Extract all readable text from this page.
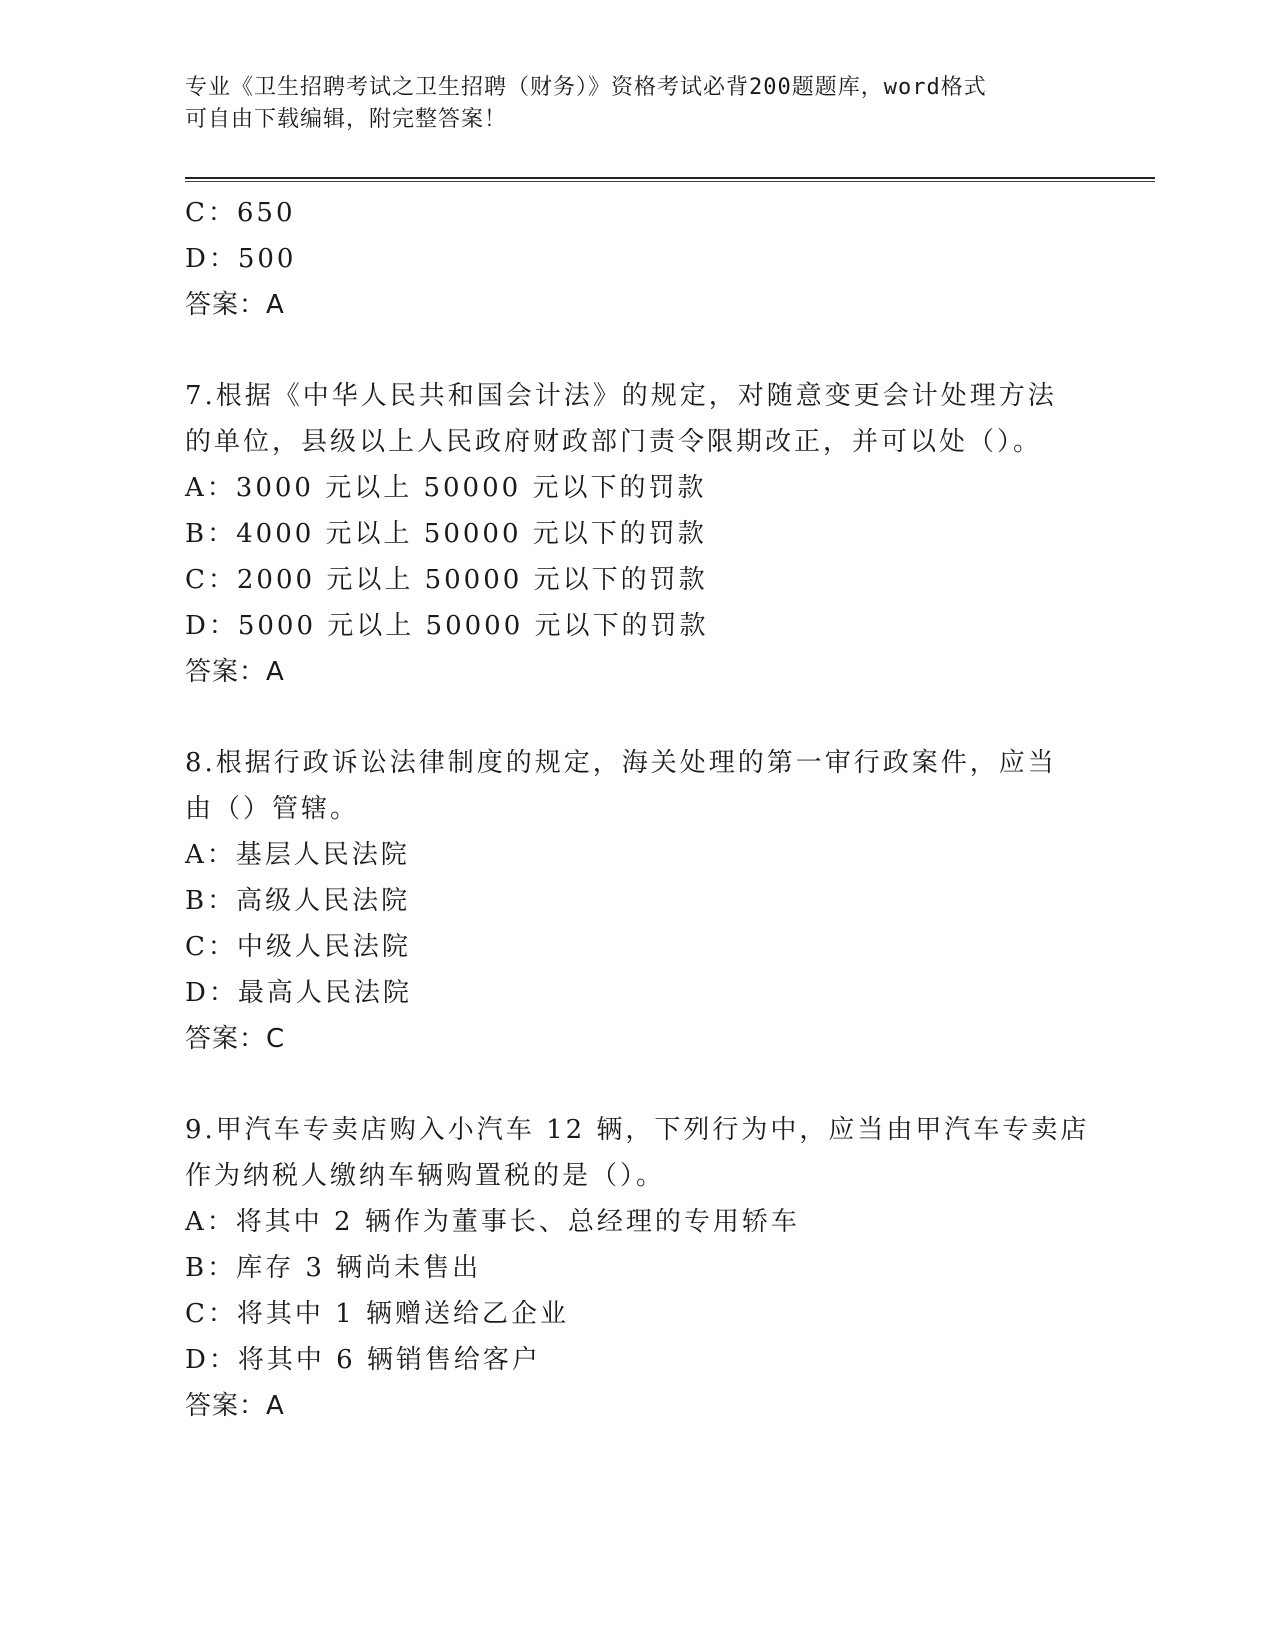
专业《卫生招聘考试之卫生招聘（财务）》资格考试必背200题题库，word格式
可自由下载编辑，附完整答案！
C：650
D：500
答案：A
7.根据《中华人民共和国会计法》的规定，对随意变更会计处理方法
的单位，县级以上人民政府财政部门责令限期改正，并可以处（）。
A：3000 元以上 50000 元以下的罚款
B：4000 元以上 50000 元以下的罚款
C：2000 元以上 50000 元以下的罚款
D：5000 元以上 50000 元以下的罚款
答案：A
8.根据行政诉讼法律制度的规定，海关处理的第一审行政案件，应当
由（）管辖。
A：基层人民法院
B：高级人民法院
C：中级人民法院
D：最高人民法院
答案：C
9.甲汽车专卖店购入小汽车 12 辆，下列行为中，应当由甲汽车专卖店
作为纳税人缴纳车辆购置税的是（）。
A：将其中 2 辆作为董事长、总经理的专用轿车
B：库存 3 辆尚未售出
C：将其中 1 辆赠送给乙企业
D：将其中 6 辆销售给客户
答案：A
